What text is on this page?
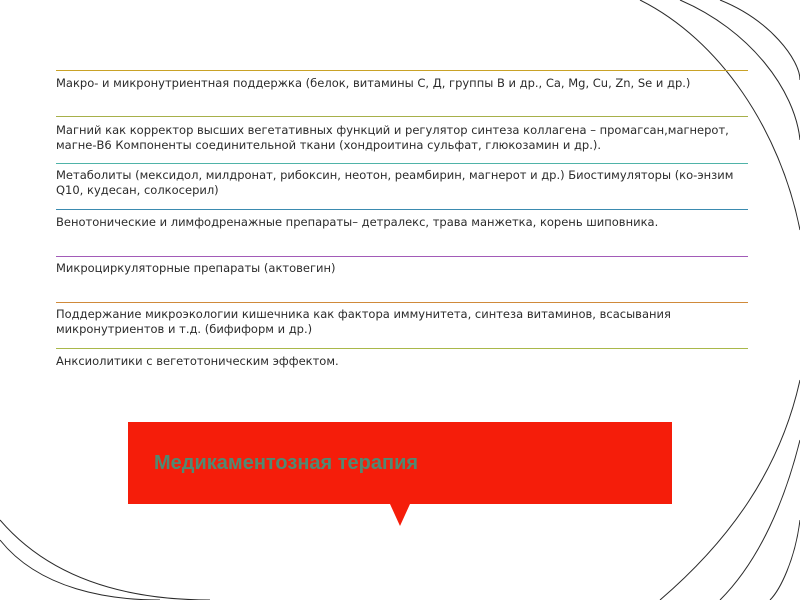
Макро- и микронутриентная поддержка (белок, витамины С, Д, группы В и др., Са, Mg, Cu, Zn, Se и др.)
Магний как корректор высших вегетативных функций и регулятор синтеза коллагена – промагсан,магнерот, магне-В6 Компоненты соединительной ткани (хондроитина сульфат, глюкозамин и др.).
Метаболиты (мексидол, милдронат, рибоксин, неотон, реамбирин, магнерот и др.) Биостимуляторы (ко-энзим Q10, кудесан, солкосерил)
Венотонические и лимфодренажные препараты– детралекс, трава манжетка, корень шиповника.
Микроциркуляторные препараты (актовегин)
Поддержание микроэкологии кишечника как фактора иммунитета, синтеза витаминов, всасывания микронутриентов и т.д. (бифиформ и др.)
Анксиолитики с вегетотоническим эффектом.
Медикаментозная терапия
